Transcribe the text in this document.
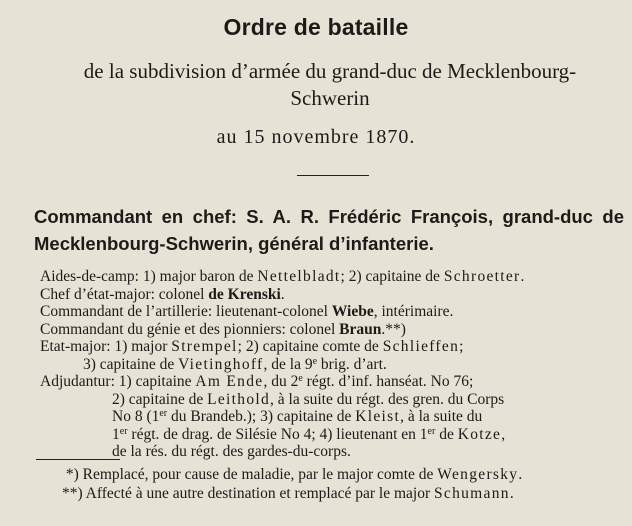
Ordre de bataille
de la subdivision d’armée du grand-duc de Mecklenbourg-Schwerin
au 15 novembre 1870.
Commandant en chef: S. A. R. Frédéric François, grand-duc de Mecklenbourg-Schwerin, général d’infanterie.
Aides-de-camp: 1) major baron de Nettelbladt; 2) capitaine de Schroetter.
Chef d’état-major: colonel de Krenski.
Commandant de l’artillerie: lieutenant-colonel Wiebe, intérimaire.
Commandant du génie et des pionniers: colonel Braun.**)
Etat-major: 1) major Strempel; 2) capitaine comte de Schlieffen;
3) capitaine de Vietinghoff, de la 9e brig. d’art.
Adjudantur: 1) capitaine Am Ende, du 2e régt. d’inf. hanséat. No 76;
2) capitaine de Leithold, à la suite du régt. des gren. du Corps
No 8 (1er du Brandeb.); 3) capitaine de Kleist, à la suite du
1er régt. de drag. de Silésie No 4; 4) lieutenant en 1er de Kotze,
de la rés. du régt. des gardes-du-corps.
*) Remplacé, pour cause de maladie, par le major comte de Wengersky.
**) Affecté à une autre destination et remplacé par le major Schumann.
